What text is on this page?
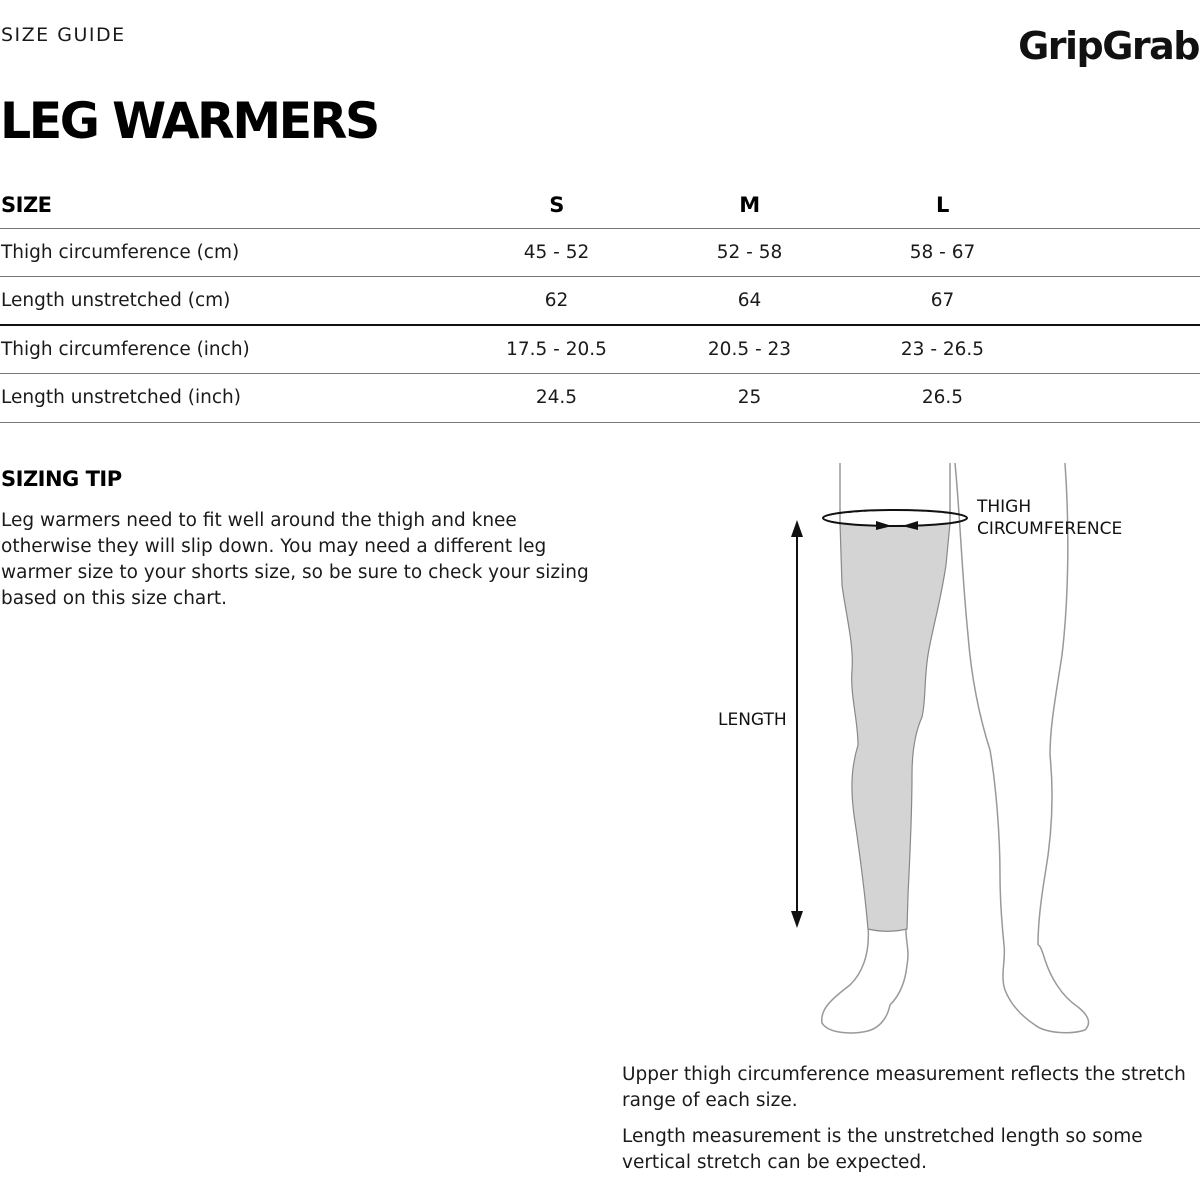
SIZE GUIDE	GripGrab
LEG WARMERS
SIZE	S	M	L	
Thigh circumference (cm)	45 - 52	52 - 58	58 - 67	
Length unstretched (cm)	62	64	67	
Thigh circumference (inch)	17.5 - 20.5	20.5 - 23	23 - 26.5	
Length unstretched (inch)	24.5	25	26.5	
SIZING TIP

Leg warmers need to fit well around the thigh and knee otherwise they will slip down. You may need a different leg warmer size to your shorts size, so be sure to check your sizing based on this size chart.

THIGH
CIRCUMFERENCE
LENGTH

Upper thigh circumference measurement reflects the stretch range of each size.

Length measurement is the unstretched length so some vertical stretch can be expected.
